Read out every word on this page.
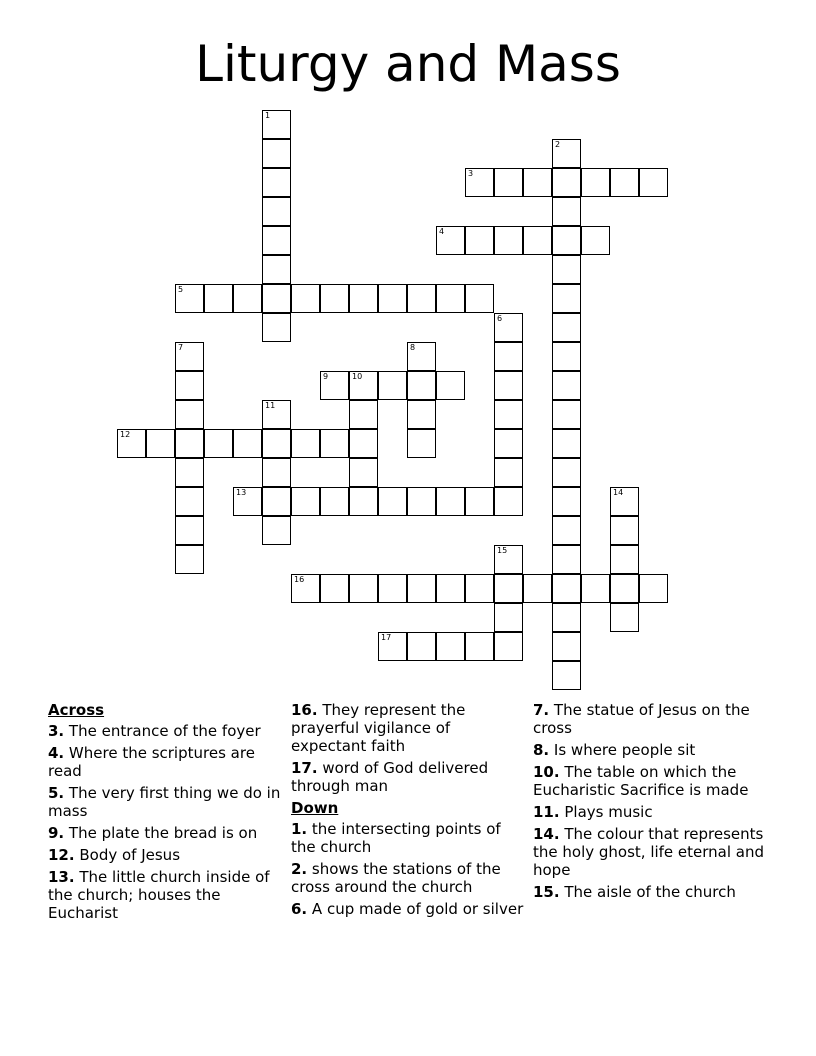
Liturgy and Mass
1
2
3
4
5
6
7	8
9	10
11
12
13	14
15
16
17
Across
3. The entrance of the foyer
4. Where the scriptures are read
5. The very first thing we do in mass
9. The plate the bread is on
12. Body of Jesus
13. The little church inside of the church; houses the Eucharist
16. They represent the prayerful vigilance of expectant faith
17. word of God delivered through man
Down
1. the intersecting points of the church
2. shows the stations of the cross around the church
6. A cup made of gold or silver
7. The statue of Jesus on the cross
8. Is where people sit
10. The table on which the Eucharistic Sacrifice is made
11. Plays music
14. The colour that represents the holy ghost, life eternal and hope
15. The aisle of the church
